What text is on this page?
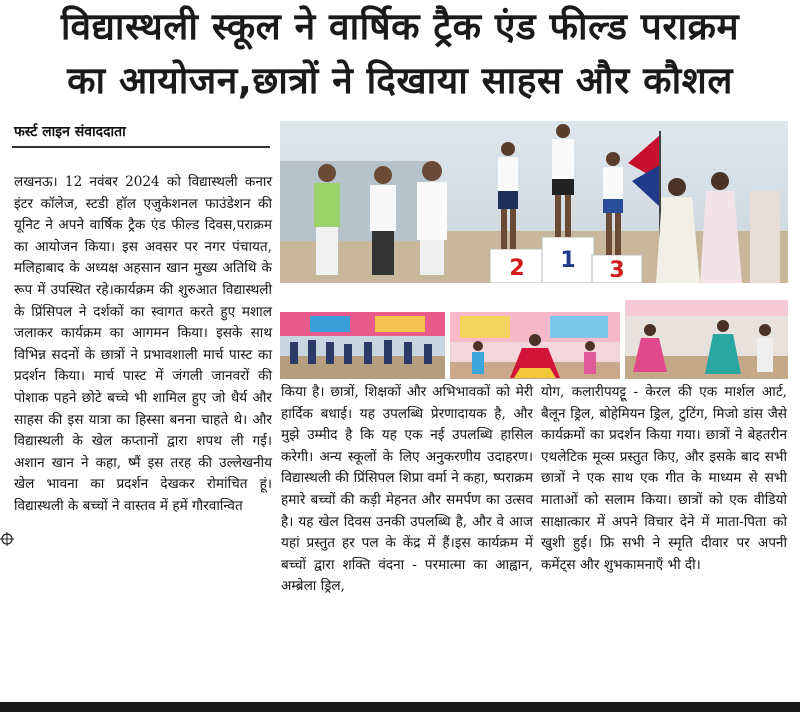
विद्यास्थली स्कूल ने वार्षिक ट्रैक एंड फील्ड पराक्रम
का आयोजन,छात्रों ने दिखाया साहस और कौशल
फर्स्ट लाइन संवाददाता
2 1 3

लखनऊ। 12 नवंबर 2024 को विद्यास्थली कनार इंटर कॉलेज, स्टडी हॉल एजुकेशनल फाउंडेशन की यूनिट ने अपने वार्षिक ट्रैक एंड फील्ड दिवस,पराक्रम का आयोजन किया। इस अवसर पर नगर पंचायत, मलिहाबाद के अध्यक्ष अहसान खान मुख्य अतिथि के रूप में उपस्थित रहे।कार्यक्रम की शुरुआत विद्यास्थली के प्रिंसिपल ने दर्शकों का स्वागत करते हुए मशाल जलाकर कार्यक्रम का आगमन किया। इसके साथ विभिन्न सदनों के छात्रों ने प्रभावशाली मार्च पास्ट का प्रदर्शन किया। मार्च पास्ट में जंगली जानवरों की पोशाक पहने छोटे बच्चे भी शामिल हुए जो धैर्य और साहस की इस यात्रा का हिस्सा बनना चाहते थे। और विद्यास्थली के खेल कप्तानों द्वारा शपथ ली गई। अशान खान ने कहा, ष्मैं इस तरह की उल्लेखनीय खेल भावना का प्रदर्शन देखकर रोमांचित हूं। विद्यास्थली के बच्चों ने वास्तव में हमें गौरवान्वित

किया है। छात्रों, शिक्षकों और अभिभावकों को मेरी हार्दिक बधाई। यह उपलब्धि प्रेरणादायक है, और मुझे उम्मीद है कि यह एक नई उपलब्धि हासिल करेगी। अन्य स्कूलों के लिए अनुकरणीय उदाहरण। विद्यास्थली की प्रिंसिपल शिप्रा वर्मा ने कहा, ष्पराक्रम हमारे बच्चों की कड़ी मेहनत और समर्पण का उत्सव है। यह खेल दिवस उनकी उपलब्धि है, और वे आज यहां प्रस्तुत हर पल के केंद्र में हैं।इस कार्यक्रम में बच्चों द्वारा शक्ति वंदना - परमात्मा का आह्वान, अम्ब्रेला ड्रिल,

योग, कलारीपयट्टू - केरल की एक मार्शल आर्ट, बैलून ड्रिल, बोहेमियन ड्रिल, टुटिंग, मिजो डांस जैसे कार्यक्रमों का प्रदर्शन किया गया। छात्रों ने बेहतरीन एथलेटिक मूव्स प्रस्तुत किए, और इसके बाद सभी छात्रों ने एक साथ एक गीत के माध्यम से सभी माताओं को सलाम किया। छात्रों को एक वीडियो साक्षात्कार में अपने विचार देने में माता-पिता को खुशी हुई। फ्रि सभी ने स्मृति दीवार पर अपनी कमेंट्स और शुभकामनाएँ भी दी।
